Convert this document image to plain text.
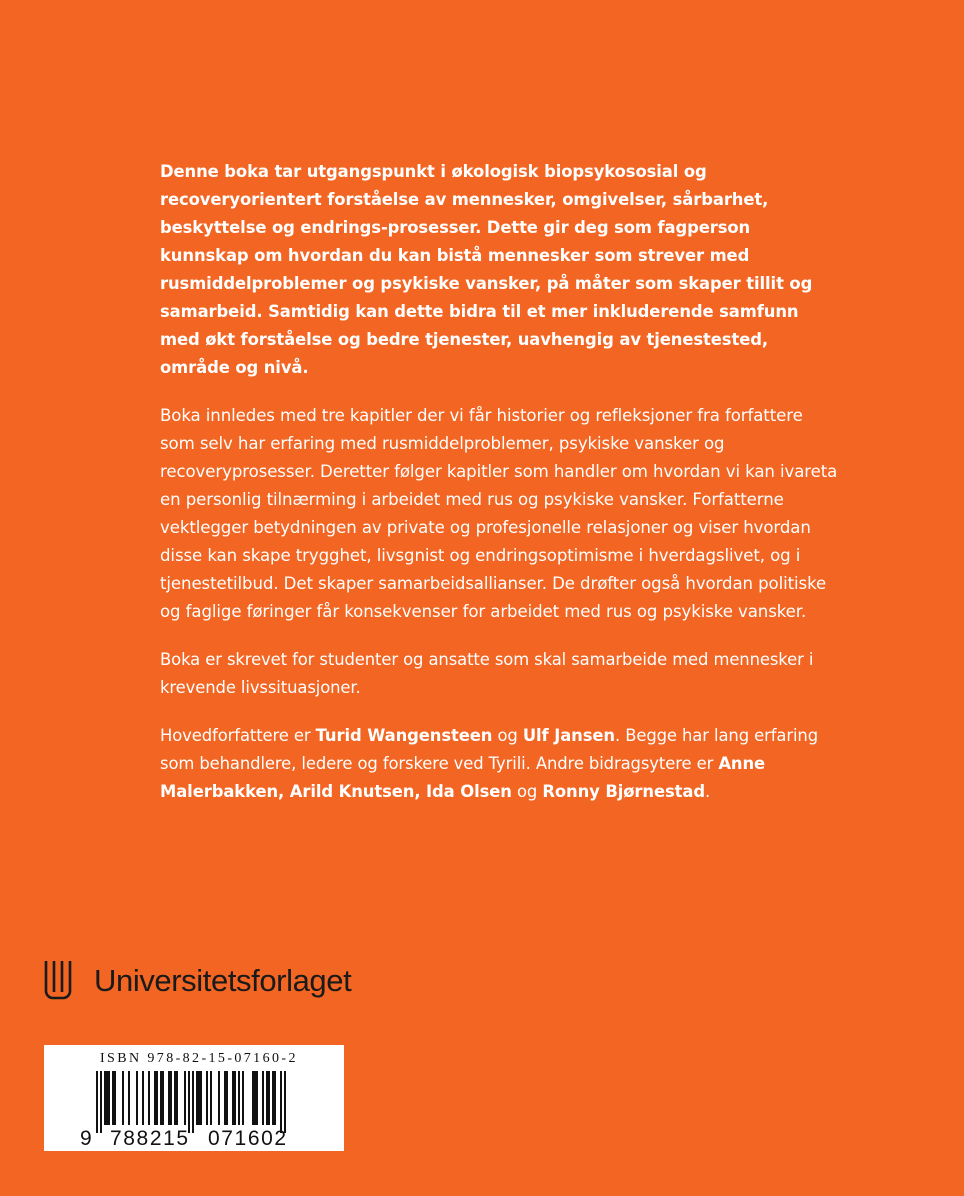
Denne boka tar utgangspunkt i økologisk biopsykososial og recoveryorientert forståelse av mennesker, omgivelser, sårbarhet, beskyttelse og endrings-prosesser. Dette gir deg som fagperson kunnskap om hvordan du kan bistå mennesker som strever med rusmiddelproblemer og psykiske vansker, på måter som skaper tillit og samarbeid. Samtidig kan dette bidra til et mer inkluderende samfunn med økt forståelse og bedre tjenester, uavhengig av tjenestested, område og nivå.

Boka innledes med tre kapitler der vi får historier og refleksjoner fra forfattere som selv har erfaring med rusmiddelproblemer, psykiske vansker og recoveryprosesser. Deretter følger kapitler som handler om hvordan vi kan ivareta en personlig tilnærming i arbeidet med rus og psykiske vansker. Forfatterne vektlegger betydningen av private og profesjonelle relasjoner og viser hvordan disse kan skape trygghet, livsgnist og endringsoptimisme i hverdagslivet, og i tjenestetilbud. Det skaper samarbeidsallianser. De drøfter også hvordan politiske og faglige føringer får konsekvenser for arbeidet med rus og psykiske vansker.

Boka er skrevet for studenter og ansatte som skal samarbeide med mennesker i krevende livssituasjoner.

Hovedforfattere er Turid Wangensteen og Ulf Jansen. Begge har lang erfaring som behandlere, ledere og forskere ved Tyrili. Andre bidragsytere er Anne Malerbakken, Arild Knutsen, Ida Olsen og Ronny Bjørnestad.

Universitetsforlaget
ISBN 978-82-15-07160-2
9 788215 071602
